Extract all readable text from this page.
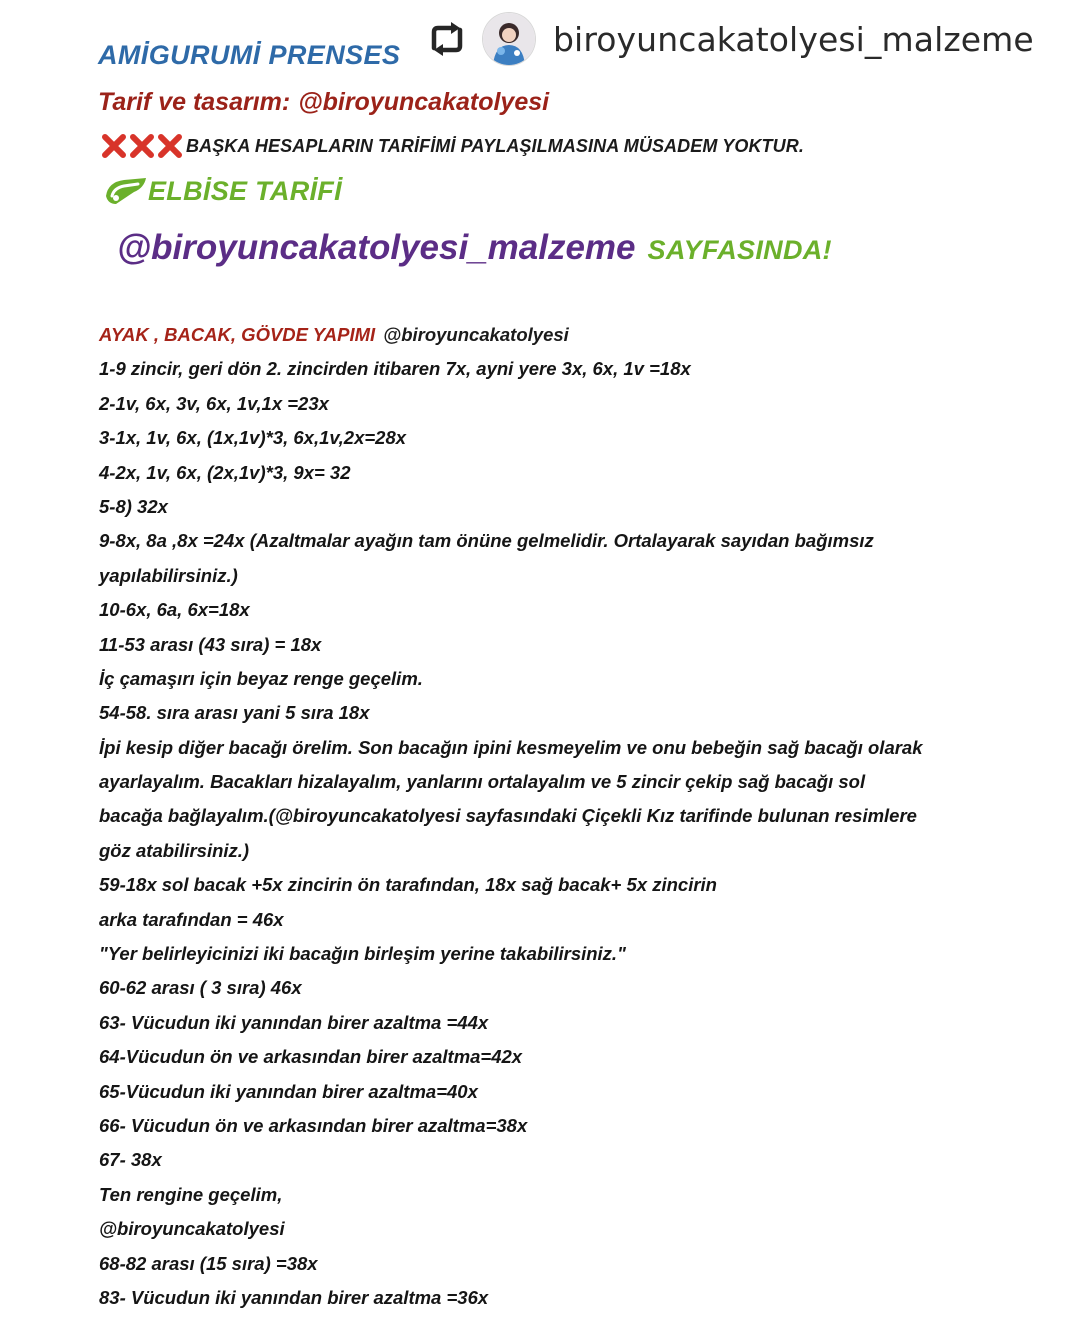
biroyuncakatolyesi_malzeme
AMİGURUMİ PRENSES
Tarif ve tasarım: @biroyuncakatolyesi
BAŞKA HESAPLARIN TARİFİMİ PAYLAŞILMASINA MÜSADEM YOKTUR.
ELBİSE TARİFİ
@biroyuncakatolyesi_malzeme SAYFASINDA!
AYAK , BACAK, GÖVDE YAPIMI @biroyuncakatolyesi
1-9 zincir, geri dön 2. zincirden itibaren 7x, ayni yere 3x, 6x, 1v =18x
2-1v, 6x, 3v, 6x, 1v,1x =23x
3-1x, 1v, 6x, (1x,1v)*3, 6x,1v,2x=28x
4-2x, 1v, 6x, (2x,1v)*3, 9x= 32
5-8) 32x
9-8x, 8a ,8x =24x (Azaltmalar ayağın tam önüne gelmelidir. Ortalayarak sayıdan bağımsız
yapılabilirsiniz.)
10-6x, 6a, 6x=18x
11-53 arası (43 sıra) = 18x
İç çamaşırı için beyaz renge geçelim.
54-58. sıra arası yani 5 sıra 18x
İpi kesip diğer bacağı örelim. Son bacağın ipini kesmeyelim ve onu bebeğin sağ bacağı olarak
ayarlayalım. Bacakları hizalayalım, yanlarını ortalayalım ve 5 zincir çekip sağ bacağı sol
bacağa bağlayalım.(@biroyuncakatolyesi sayfasındaki Çiçekli Kız tarifinde bulunan resimlere
göz atabilirsiniz.)
59-18x sol bacak +5x zincirin ön tarafından, 18x sağ bacak+ 5x zincirin
arka tarafından = 46x
"Yer belirleyicinizi iki bacağın birleşim yerine takabilirsiniz."
60-62 arası ( 3 sıra) 46x
63- Vücudun iki yanından birer azaltma =44x
64-Vücudun ön ve arkasından birer azaltma=42x
65-Vücudun iki yanından birer azaltma=40x
66- Vücudun ön ve arkasından birer azaltma=38x
67- 38x
Ten rengine geçelim,
@biroyuncakatolyesi
68-82 arası (15 sıra) =38x
83- Vücudun iki yanından birer azaltma =36x
